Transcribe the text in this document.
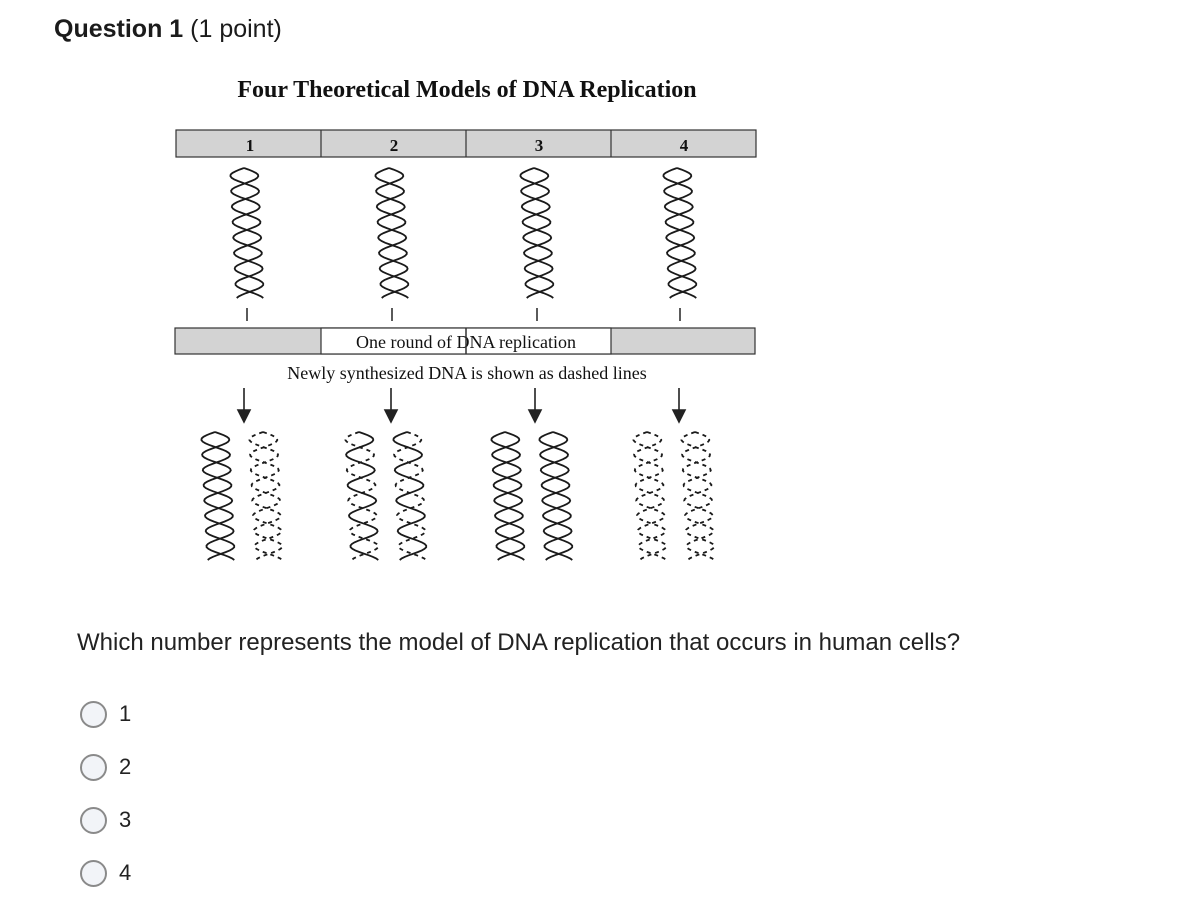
Question 1 (1 point)
Four Theoretical Models of DNA Replication
1	2	3	4
One round of DNA replication
Newly synthesized DNA is shown as dashed lines
Which number represents the model of DNA replication that occurs in human cells?
1
2
3
4
